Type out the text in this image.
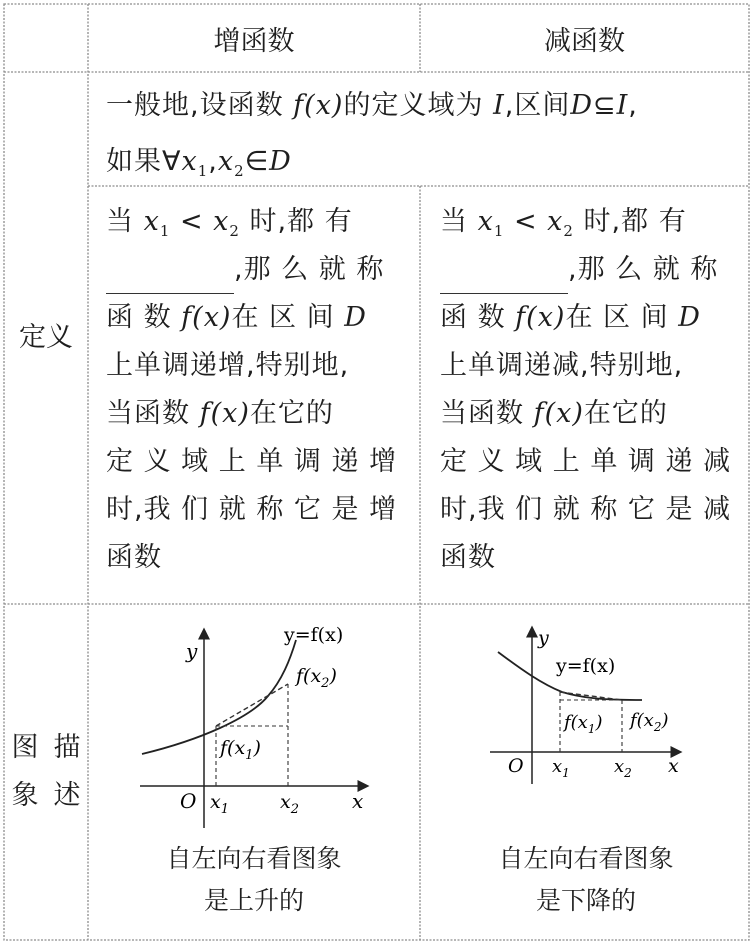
增函数	减函数
定义
图象
描述
一般地,设函数 f(x)的定义域为 I,区间D⊆I,
如果$\forall x_1,x_2\in D$
当 $x_1 < x_2$ 时,都 有
,那 么 就 称
函 数 f(x)在 区 间 D
上单调递增,特别地,
当函数 f(x)在它的
定 义 域 上 单 调 递 增
时,我 们 就 称 它 是 增
函数
当 $x_1 < x_2$ 时,都 有
,那 么 就 称
函 数 f(x)在 区 间 D
上单调递减,特别地,
当函数 f(x)在它的
定 义 域 上 单 调 递 减
时,我 们 就 称 它 是 减
函数
y
x
O
y=f(x)
$x_1$	$x_2$
$f(x_1)$
$f(x_2)$
自左向右看图象
是上升的
y
x
O
y=f(x)
$x_1$ $x_2$
$f(x_1)$ $f(x_2)$
自左向右看图象
是下降的
